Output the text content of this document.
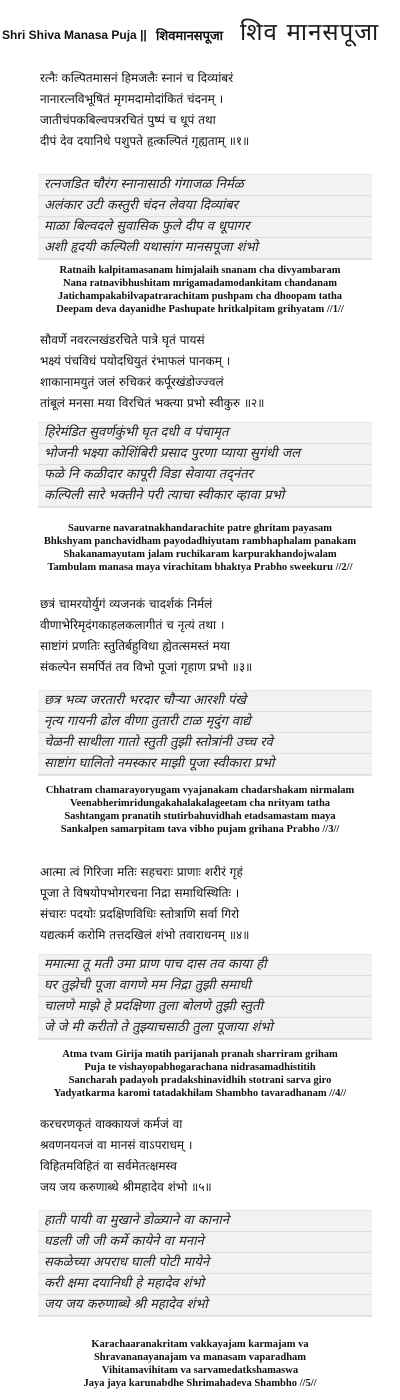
Shri Shiva Manasa Puja || शिवमानसपूजा शिव मानसपूजा
रत्नैः कल्पितमासनं हिमजलैः स्नानं च दिव्यांबरं
नानारत्नविभूषितं मृगमदामोदांकितं चंदनम् ।
जातीचंपकबिल्वपत्ररचितं पुष्पं च धूपं तथा
दीपं देव दयानिधे पशुपते हृत्कल्पितं गृह्यताम् ॥१॥
रत्नजडित चौरंग स्नानासाठी गंगाजळ निर्मळ
अलंकार उटी कस्तुरी चंदन लेवया दिव्यांबर
माळा बिल्वदले सुवासिक फुले दीप व धूपागर
अशी हृदयी कल्पिली यथासांग मानसपूजा शंभो
Ratnaih kalpitamasanam himjalaih snanam cha divyambaram
Nana ratnavibhushitam mrigamadamodankitam chandanam
Jatichampakabilvapatrarachitam pushpam cha dhoopam tatha
Deepam deva dayanidhe Pashupate hritkalpitam grihyatam //1//
सौवर्णे नवरत्नखंडरचिते पात्रे घृतं पायसं
भक्ष्यं पंचविधं पयोदधियुतं रंभाफलं पानकम् ।
शाकानामयुतं जलं रुचिकरं कर्पूरखंडोज्ज्वलं
तांबूलं मनसा मया विरचितं भक्त्या प्रभो स्वीकुरु ॥२॥
हिरेमंडित सुवर्णकुंभी घृत दधी व पंचामृत
भोजनी भक्ष्या कोशिंबिरी प्रसाद पुरणा प्याया सुगंधी जल
फळे नि कळीदार कापूरी विडा सेवाया तद्नंतर
कल्पिली सारे भक्तीने परी त्याचा स्वीकार व्हावा प्रभो
Sauvarne navaratnakhandarachite patre ghritam payasam
Bhkshyam panchavidham payodadhiyutam rambhaphalam panakam
Shakanamayutam jalam ruchikaram karpurakhandojwalam
Tambulam manasa maya virachitam bhaktya Prabho sweekuru //2//
छत्रं चामरयोर्युगं व्यजनकं चादर्शकं निर्मलं
वीणाभेरिमृदंगकाहलकलागीतं च नृत्यं तथा ।
साष्टांगं प्रणतिः स्तुतिर्बहुविधा ह्येतत्समस्तं मया
संकल्पेन समर्पितं तव विभो पूजां गृहाण प्रभो ॥३॥
छत्र भव्य जरतारी भरदार चौऱ्या आरशी पंखे
नृत्य गायनी ढोल वीणा तुतारी टाळ मृदुंग वाद्ये
चेळनी साथीला गातो स्तुती तुझी स्तोत्रांनी उच्च रवे
साष्टांग घालितो नमस्कार माझी पूजा स्वीकारा प्रभो
Chhatram chamarayoryugam vyajanakam chadarshakam nirmalam
Veenabherimridungakahalakalageetam cha nrityam tatha
Sashtangam pranatih stutirbahuvidhah etadsamastam maya
Sankalpen samarpitam tava vibho pujam grihana Prabho //3//
आत्मा त्वं गिरिजा मतिः सहचराः प्राणाः शरीरं गृहं
पूजा ते विषयोपभोगरचना निद्रा समाधिस्थितिः ।
संचारः पदयोः प्रदक्षिणविधिः स्तोत्राणि सर्वा गिरो
यद्यत्कर्म करोमि तत्तदखिलं शंभो तवाराधनम् ॥४॥
ममात्मा तू मती उमा प्राण पाच दास तव काया ही
घर तुझेची पूजा वागणे मम निद्रा तुझी समाधी
चालणे माझे हे प्रदक्षिणा तुला बोलणे तुझी स्तुती
जे जे मी करीतो ते तुझ्याचसाठी तुला पूजाया शंभो
Atma tvam Girija matih parijanah pranah sharriram griham
Puja te vishayopabhogarachana nidrasamadhistitih
Sancharah padayoh pradakshinavidhih stotrani sarva giro
Yadyatkarma karomi tatadakhilam Shambho tavaradhanam //4//
करचरणकृतं वाक्कायजं कर्मजं वा
श्रवणनयनजं वा मानसं वाऽपराधम् ।
विहितमविहितं वा सर्वमेतत्क्षमस्व
जय जय करुणाब्धे श्रीमहादेव शंभो ॥५॥
हाती पायी वा मुखाने डोळ्याने वा कानाने
घडली जी जी कर्मे कायेने वा मनाने
सकळेच्या अपराध घाली पोटी मायेने
करी क्षमा दयानिधी हे महादेव शंभो
जय जय करुणाब्धे श्री महादेव शंभो
Karachaaranakritam vakkayajam karmajam va
Shravananayanajam va manasam vaparadham
Vihitamavihitam va sarvamedatkshamaswa
Jaya jaya karunabdhe Shrimahadeva Shambho //5//
